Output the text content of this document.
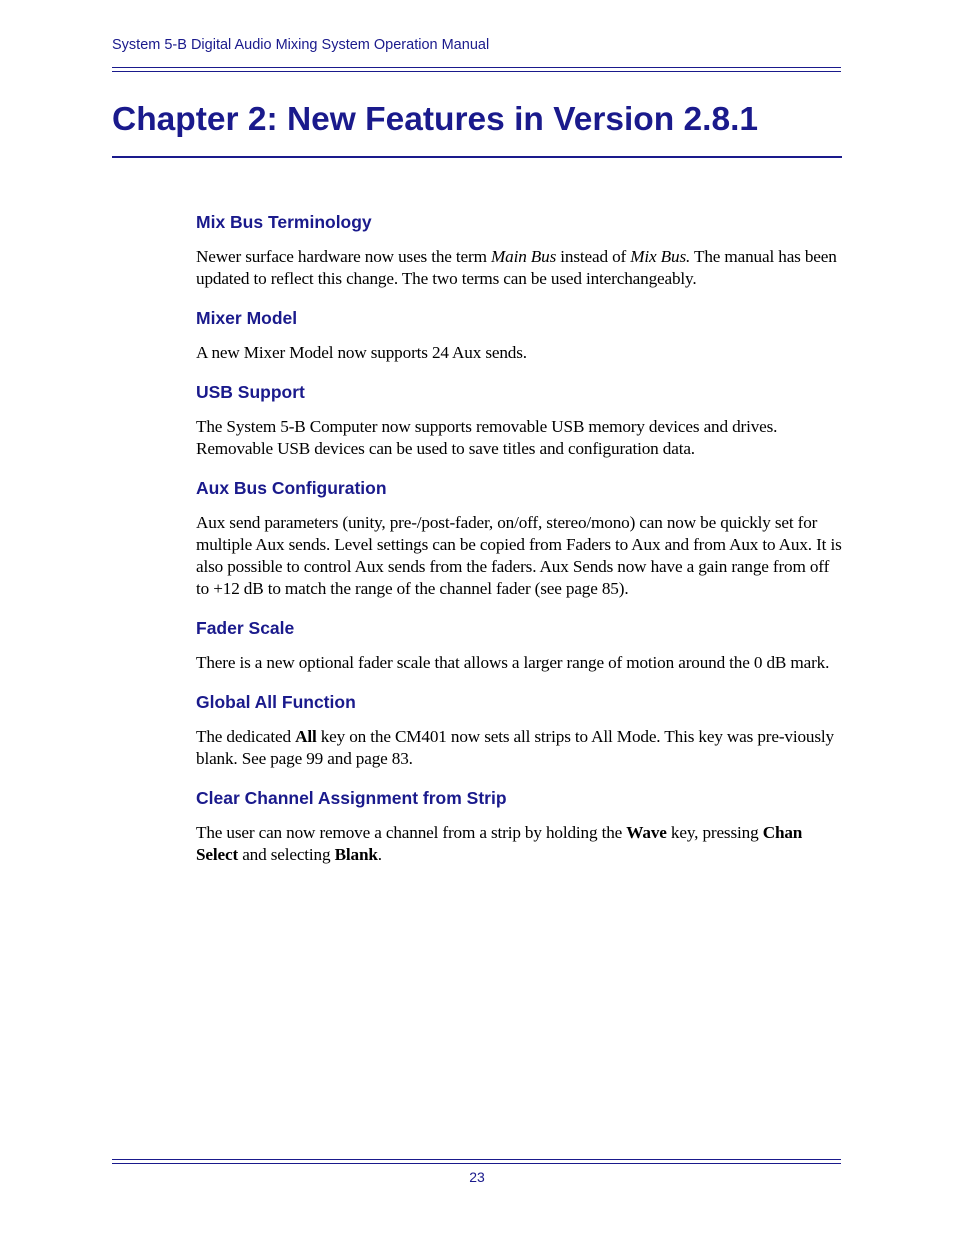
System 5-B Digital Audio Mixing System Operation Manual
Chapter 2: New Features in Version 2.8.1
Mix Bus Terminology

Newer surface hardware now uses the term Main Bus instead of Mix Bus. The manual has been updated to reflect this change. The two terms can be used interchangeably.

Mixer Model

A new Mixer Model now supports 24 Aux sends.

USB Support

The System 5-B Computer now supports removable USB memory devices and drives. Removable USB devices can be used to save titles and configuration data.

Aux Bus Configuration

Aux send parameters (unity, pre-/post-fader, on/off, stereo/mono) can now be quickly set for multiple Aux sends. Level settings can be copied from Faders to Aux and from Aux to Aux. It is also possible to control Aux sends from the faders. Aux Sends now have a gain range from off to +12 dB to match the range of the channel fader (see page 85).

Fader Scale

There is a new optional fader scale that allows a larger range of motion around the 0 dB mark.

Global All Function

The dedicated All key on the CM401 now sets all strips to All Mode. This key was pre-viously blank. See page 99 and page 83.

Clear Channel Assignment from Strip

The user can now remove a channel from a strip by holding the Wave key, pressing Chan Select and selecting Blank.

23
